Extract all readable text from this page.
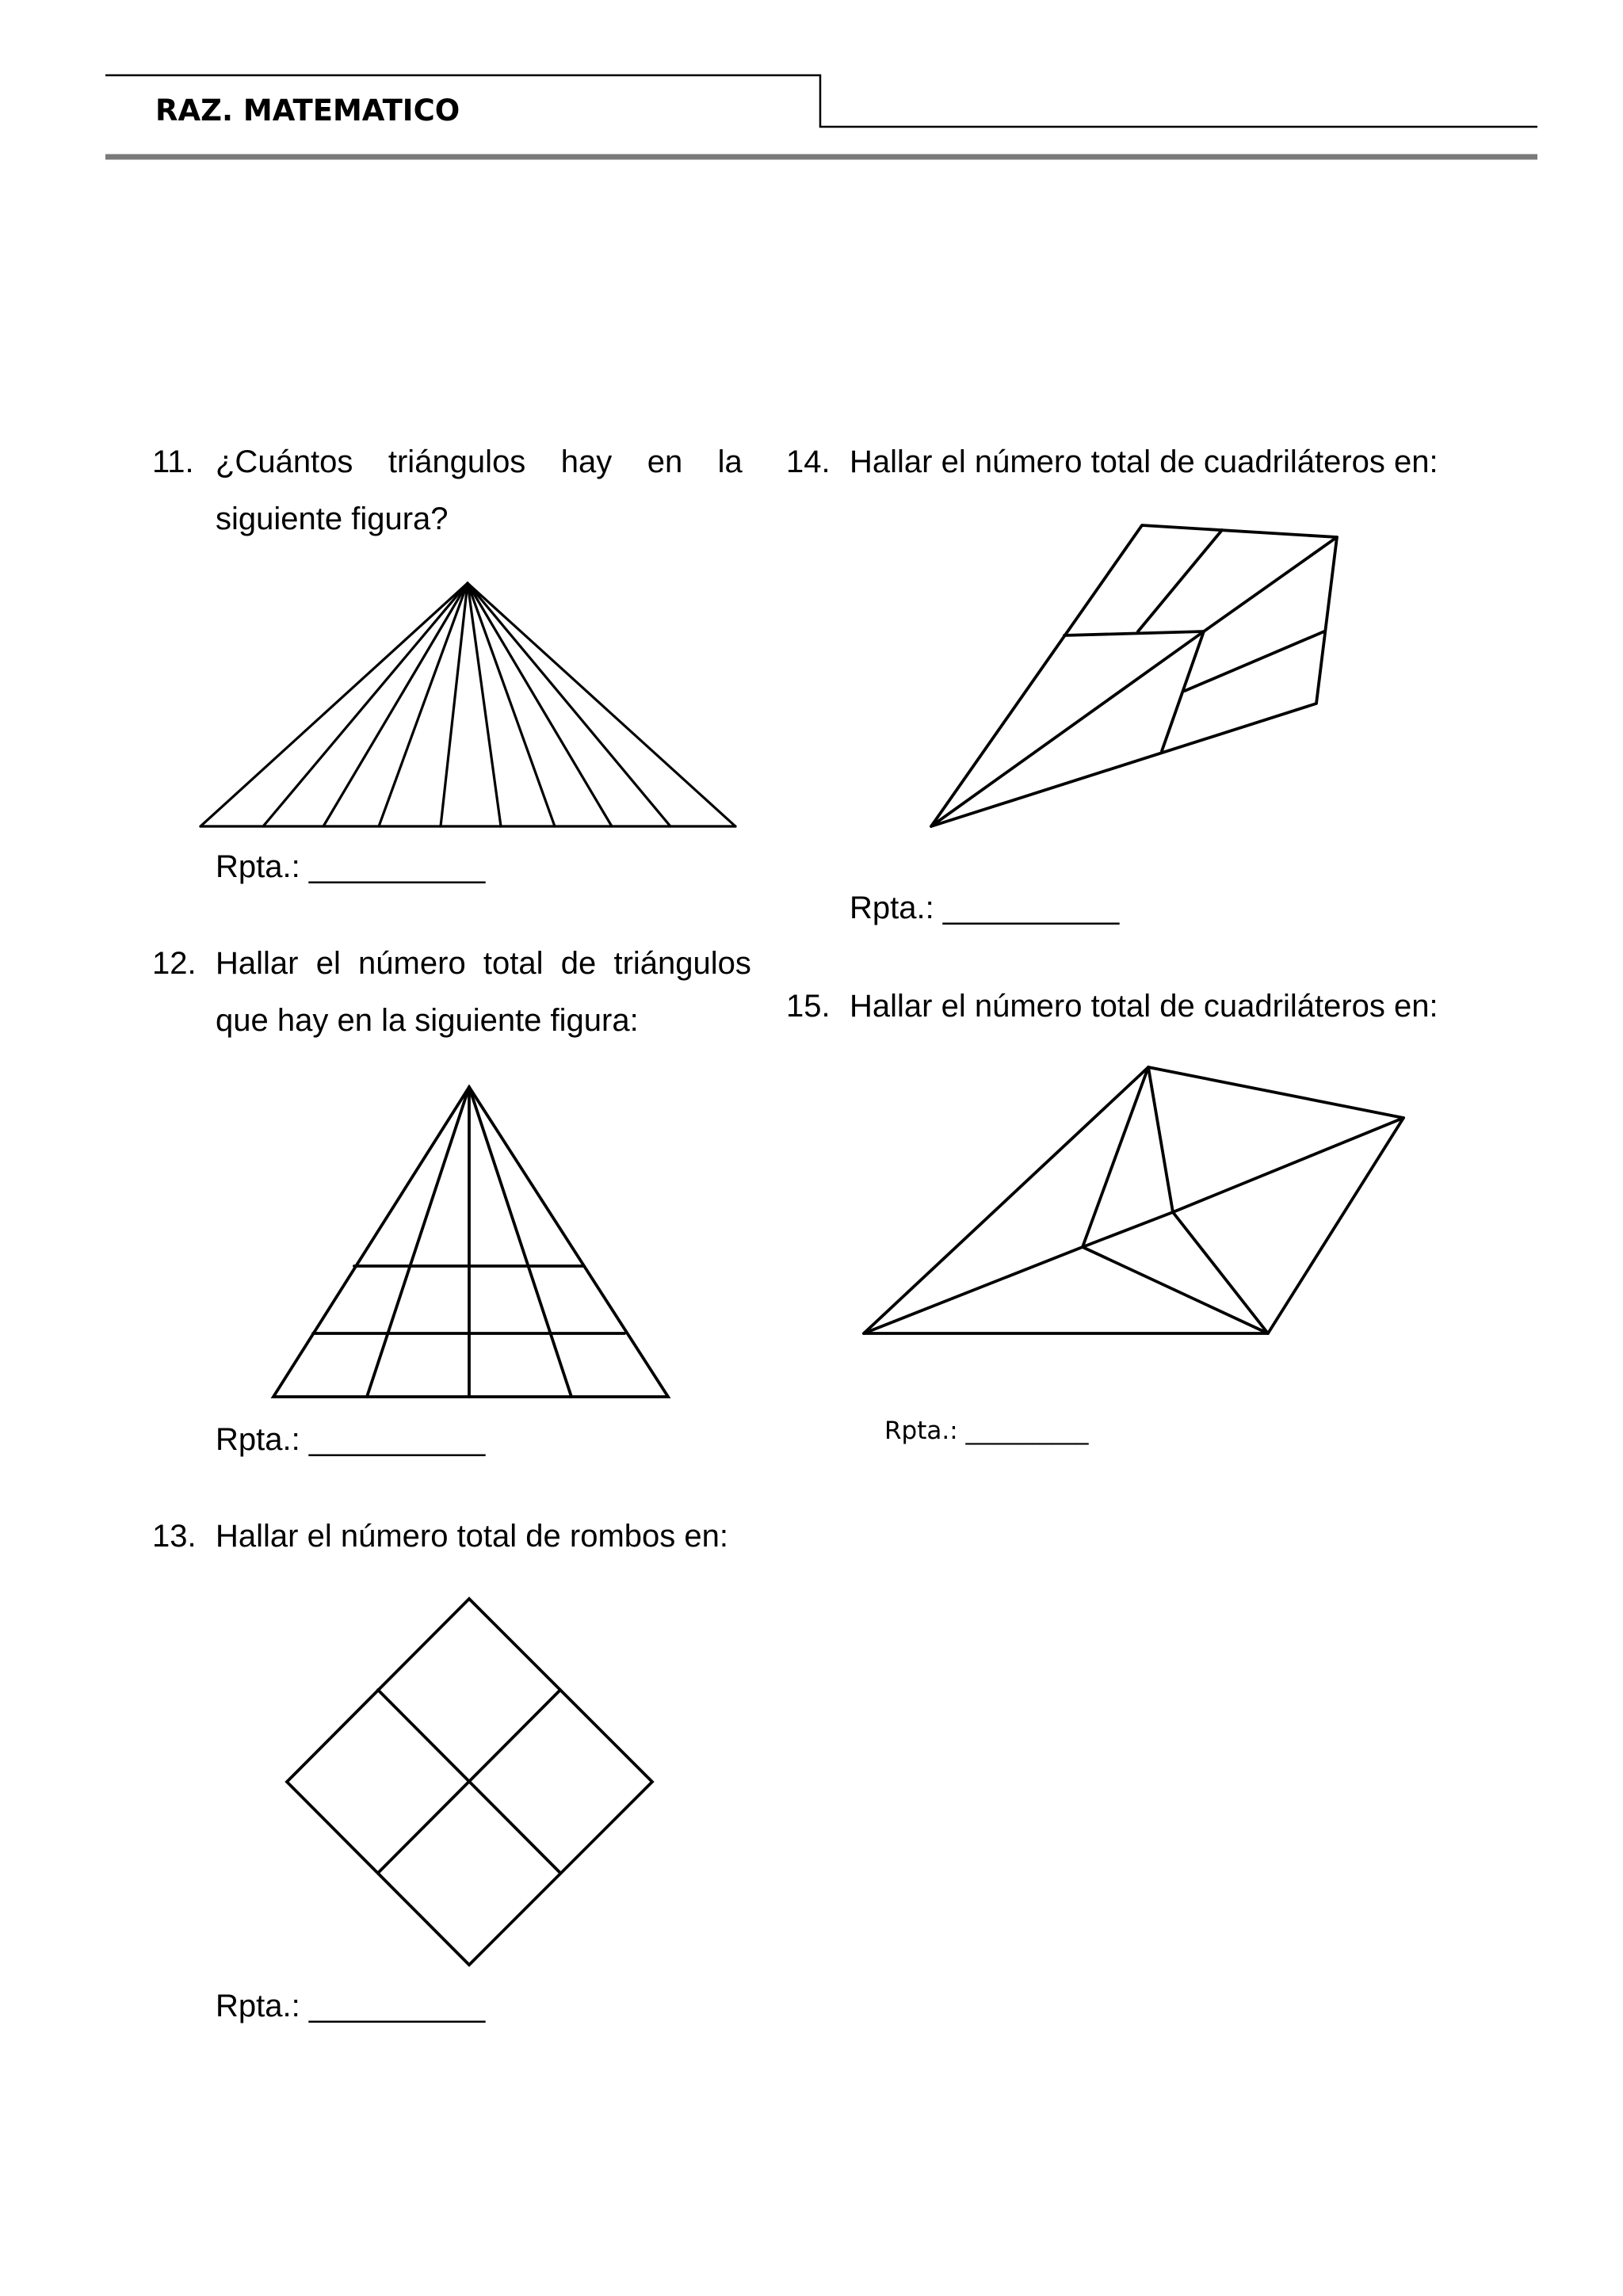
RAZ. MATEMATICO
11. ¿Cuántos    triángulos    hay    en    la
siguiente figura?
Rpta.: __________
12. Hallar  el  número  total  de  triángulos
que hay en la siguiente figura:
Rpta.: __________
13. Hallar el número total de rombos en:
Rpta.: __________
14. Hallar el número total de cuadriláteros en:
Rpta.: __________
15. Hallar el número total de cuadriláteros en:
Rpta.: __________
